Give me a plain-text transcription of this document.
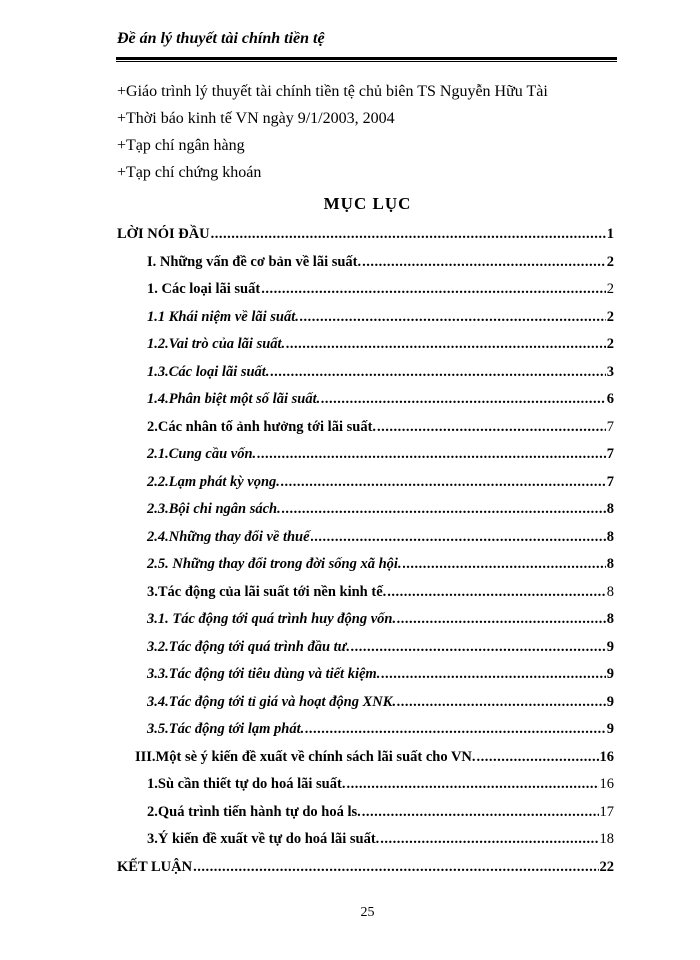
Đề án lý thuyết tài chính tiền tệ
+Giáo trình lý thuyết tài chính tiền tệ chủ biên TS Nguyễn Hữu Tài
+Thời báo kinh tế VN ngày 9/1/2003, 2004
+Tạp chí ngân hàng
+Tạp chí chứng khoán
MỤC LỤC
LỜI NÓI ĐẦU .....	1
I. Những vấn đề cơ bản về lãi suất. .....	2
1. Các loại lãi suất .....	2
1.1 Khái niệm về lãi suất. .....	2
1.2.Vai trò của lãi suất. .....	2
1.3.Các loại lãi suất. .....	3
1.4.Phân biệt một số lãi suất. .....	6
2.Các nhân tố ảnh hưởng tới lãi suất. .....	7
2.1.Cung cầu vốn. .....	7
2.2.Lạm phát kỳ vọng. .....	7
2.3.Bội chi ngân sách. .....	8
2.4.Những thay đổi về thuế .....	8
2.5. Những thay đổi trong đời sống xã hội. .....	8
3.Tác động của lãi suất tới nền kinh tế. .....	8
3.1. Tác động tới quá trình huy động vốn. .....	8
3.2.Tác động tới quá trình đầu tư. .....	9
3.3.Tác động tới tiêu dùng và tiết kiệm. .....	9
3.4.Tác động tới tỉ giá và hoạt động XNK. .....	9
3.5.Tác động tới lạm phát. .....	9
III.Một sè ý kiến đề xuất về chính sách lãi suất cho VN. .....	16
1.Sù cần thiết tự do hoá lãi suất. .....	16
2.Quá trình tiến hành tự do hoá ls. .....	17
3.Ý kiến đề xuất về tự do hoá lãi suất. .....	18
KẾT LUẬN .....	22
25
